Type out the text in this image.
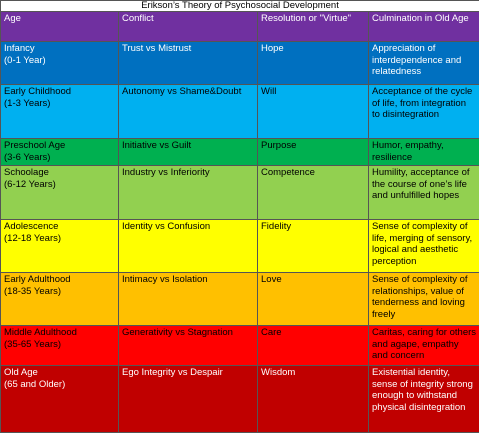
Erikson’s Theory of Psychosocial Development			
Age	Conflict	Resolution or "Virtue"	Culmination in Old Age
Infancy
(0-1 Year)	Trust vs Mistrust	Hope	Appreciation of interdependence and relatedness
Early Childhood
(1-3 Years)	Autonomy vs Shame&Doubt	Will	Acceptance of the cycle of life, from integration to disintegration
Preschool Age
(3-6 Years)	Initiative vs Guilt	Purpose	Humor, empathy, resilience
Schoolage
(6-12 Years)	Industry vs Inferiority	Competence	Humility, acceptance of the course of one’s life and unfulfilled hopes
Adolescence
(12-18 Years)	Identity vs Confusion	Fidelity	Sense of complexity of life, merging of sensory, logical and aesthetic perception
Early Adulthood
(18-35 Years)	Intimacy vs Isolation	Love	Sense of complexity of relationships, value of tenderness and loving freely
Middle Adulthood
(35-65 Years)	Generativity vs Stagnation	Care	Caritas, caring for others and agape, empathy and concern
Old Age
(65 and Older)	Ego Integrity vs Despair	Wisdom	Existential identity, sense of integrity strong enough to withstand physical disintegration
